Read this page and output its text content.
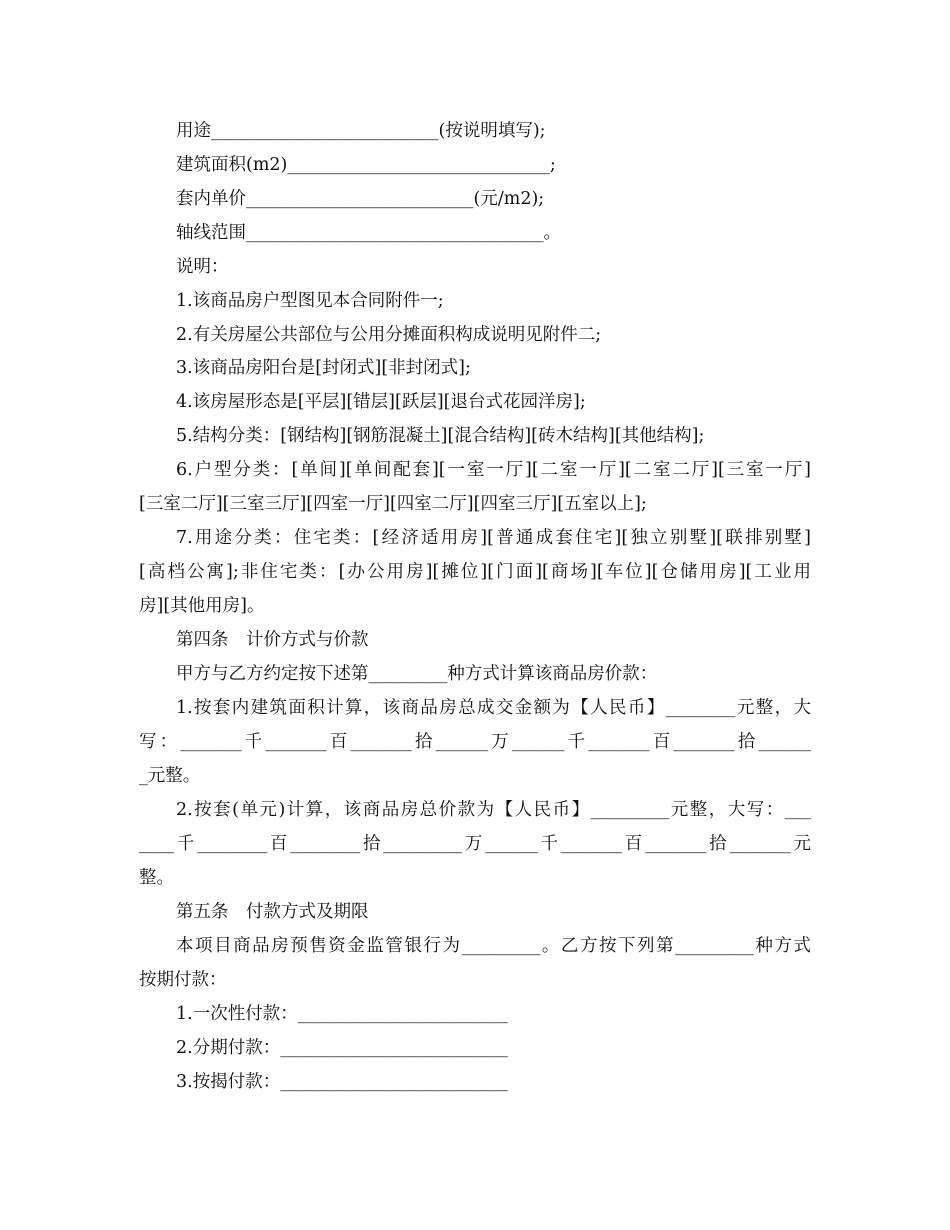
用途__________________________(按说明填写);
建筑面积(m2)______________________________;
套内单价__________________________(元/m2);
轴线范围__________________________________。
说明：
1.该商品房户型图见本合同附件一;
2.有关房屋公共部位与公用分摊面积构成说明见附件二;
3.该商品房阳台是[封闭式][非封闭式];
4.该房屋形态是[平层][错层][跃层][退台式花园洋房];
5.结构分类：[钢结构][钢筋混凝土][混合结构][砖木结构][其他结构];
6.户型分类：[单间][单间配套][一室一厅][二室一厅][二室二厅][三室一厅]
[三室二厅][三室三厅][四室一厅][四室二厅][四室三厅][五室以上];
7.用途分类：住宅类：[经济适用房][普通成套住宅][独立别墅][联排别墅]
[高档公寓];非住宅类：[办公用房][摊位][门面][商场][车位][仓储用房][工业用
房][其他用房]。
第四条　计价方式与价款
甲方与乙方约定按下述第_________种方式计算该商品房价款：
1.按套内建筑面积计算，该商品房总成交金额为【人民币】________元整，大
写：_______千_______百_______拾______万______千_______百_______拾______
_元整。
2.按套(单元)计算，该商品房总价款为【人民币】_________元整，大写：___
____千________百________拾_________万______千_______百_______拾_______元
整。
第五条　付款方式及期限
本项目商品房预售资金监管银行为_________。乙方按下列第_________种方式
按期付款：
1.一次性付款：________________________
2.分期付款：__________________________
3.按揭付款：__________________________
